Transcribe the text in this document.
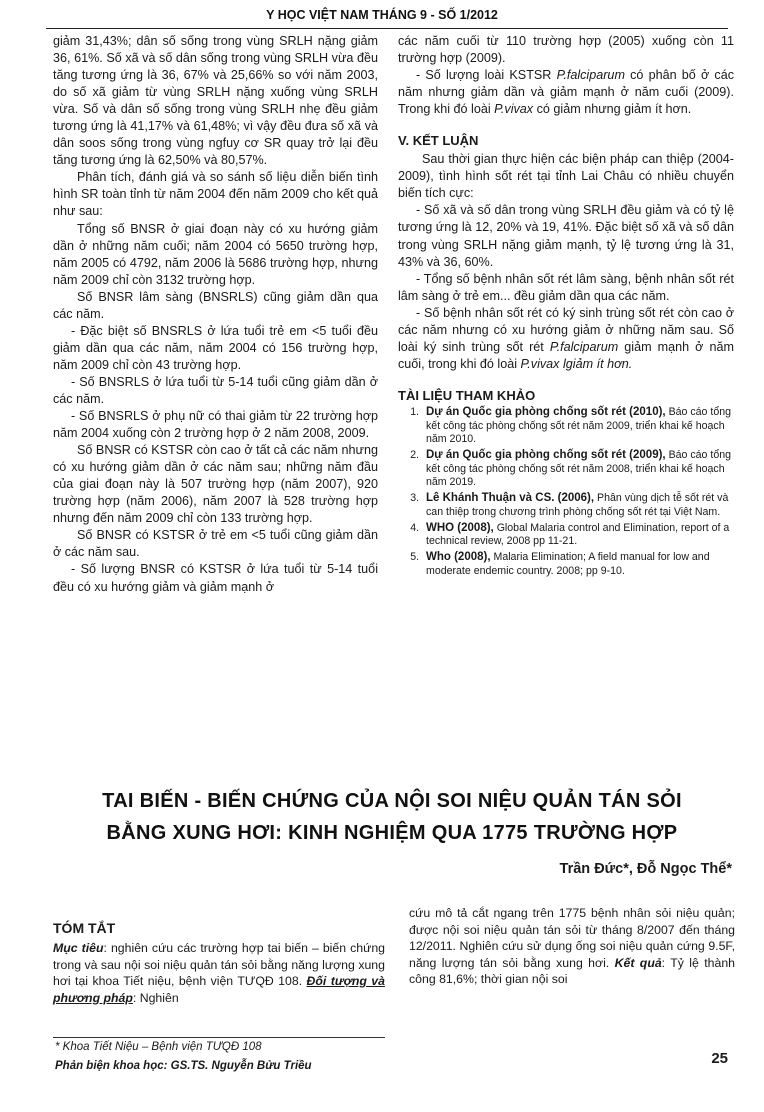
Y HỌC VIỆT NAM THÁNG 9 - SỐ 1/2012

giảm 31,43%; dân số sống trong vùng SRLH nặng giảm 36, 61%. Số xã và số dân sống trong vùng SRLH vừa đều tăng tương ứng là 36, 67% và 25,66% so với năm 2003, do số xã giảm từ vùng SRLH nặng xuống vùng SRLH vừa. Số và dân số sống trong vùng SRLH nhẹ đều giảm tương ứng là 41,17% và 61,48%; vì vậy đều đưa số xã và dân soos sống trong vùng ngfuy cơ SR quay trở lại đều tăng tương ứng là 62,50% và 80,57%.

Phân tích, đánh giá và so sánh số liệu diễn biến tình hình SR toàn tỉnh từ năm 2004 đến năm 2009 cho kết quả như sau:

Tổng số BNSR ở giai đoạn này có xu hướng giảm dần ở những năm cuối; năm 2004 có 5650 trường hợp, năm 2005 có 4792, năm 2006 là 5686 trường hợp, nhưng năm 2009 chỉ còn 3132 trường hợp.

Số BNSR lâm sàng (BNSRLS) cũng giảm dần qua các năm.

- Đặc biệt số BNSRLS ở lứa tuổi trẻ em <5 tuổi đều giảm dần qua các năm, năm 2004 có 156 trường hợp, năm 2009 chỉ còn 43 trường hợp.

- Số BNSRLS ở lứa tuổi từ 5-14 tuổi cũng giảm dần ở các năm.

- Số BNSRLS ở phụ nữ có thai giảm từ 22 trường hợp năm 2004 xuống còn 2 trường hợp ở 2 năm 2008, 2009.

Số BNSR có KSTSR còn cao ở tất cả các năm nhưng có xu hướng giảm dần ở các năm sau; những năm đầu của giai đoạn này là 507 trường hợp (năm 2007), 920 trường hợp (năm 2006), năm 2007 là 528 trường hợp nhưng đến năm 2009 chỉ còn 133 trường hợp.

Số BNSR có KSTSR ở trẻ em <5 tuổi cũng giảm dần ở các năm sau.

- Số lượng BNSR có KSTSR ở lứa tuổi từ 5-14 tuổi đều có xu hướng giảm và giảm mạnh ở

các năm cuối từ 110 trường hợp (2005) xuống còn 11 trường hợp (2009).

- Số lượng loài KSTSR P.falciparum có phân bố ở các năm nhưng giảm dần và giảm mạnh ở năm cuối (2009). Trong khi đó loài P.vivax có giảm nhưng giảm ít hơn.

V. KẾT LUẬN

Sau thời gian thực hiện các biện pháp can thiệp (2004-2009), tình hình sốt rét tại tỉnh Lai Châu có nhiều chuyển biến tích cực:

- Số xã và số dân trong vùng SRLH đều giảm và có tỷ lệ tương ứng là 12, 20% và 19, 41%. Đặc biệt số xã và số dân trong vùng SRLH nặng giảm mạnh, tỷ lệ tương ứng là 31, 43% và 36, 60%.

- Tổng số bệnh nhân sốt rét lâm sàng, bệnh nhân sốt rét lâm sàng ở trẻ em... đều giảm dần qua các năm.

- Số bệnh nhân sốt rét có ký sinh trùng sốt rét còn cao ở các năm nhưng có xu hướng giảm ở những năm sau. Số loài ký sinh trùng sốt rét P.falciparum giảm mạnh ở năm cuối, trong khi đó loài P.vivax lgiảm ít hơn.

TÀI LIỆU THAM KHẢO
1. Dự án Quốc gia phòng chống sốt rét (2010), Báo cáo tổng kết công tác phòng chống sốt rét năm 2009, triển khai kế hoạch năm 2010.
2. Dự án Quốc gia phòng chống sốt rét (2009), Báo cáo tổng kết công tác phòng chống sốt rét năm 2008, triển khai kế hoạch năm 2019.
3. Lê Khánh Thuận và CS. (2006), Phân vùng dịch tễ sốt rét và can thiệp trong chương trình phòng chống sốt rét tại Việt Nam.
4. WHO (2008), Global Malaria control and Elimination, report of a technical review, 2008 pp 11-21.
5. Who (2008), Malaria Elimination; A field manual for low and moderate endemic country. 2008; pp 9-10.
TAI BIẾN - BIẾN CHỨNG CỦA NỘI SOI NIỆU QUẢN TÁN SỎI
BẰNG XUNG HƠI: KINH NGHIỆM QUA 1775 TRƯỜNG HỢP
Trần Đức*, Đỗ Ngọc Thể*
TÓM TẮT

Mục tiêu: nghiên cứu các trường hợp tai biến – biến chứng trong và sau nội soi niệu quản tán sỏi bằng năng lượng xung hơi tại khoa Tiết niệu, bệnh viện TƯQĐ 108. Đối tượng và phương pháp: Nghiên

cứu mô tả cắt ngang trên 1775 bệnh nhân sỏi niệu quản; được nội soi niệu quản tán sỏi từ tháng 8/2007 đến tháng 12/2011. Nghiên cứu sử dụng ống soi niệu quản cứng 9.5F, năng lượng tán sỏi bằng xung hơi. Kết quả: Tỷ lệ thành công 81,6%; thời gian nội soi

* Khoa Tiết Niệu – Bệnh viện TƯQĐ 108
Phản biện khoa học: GS.TS. Nguyễn Bửu Triều	25
